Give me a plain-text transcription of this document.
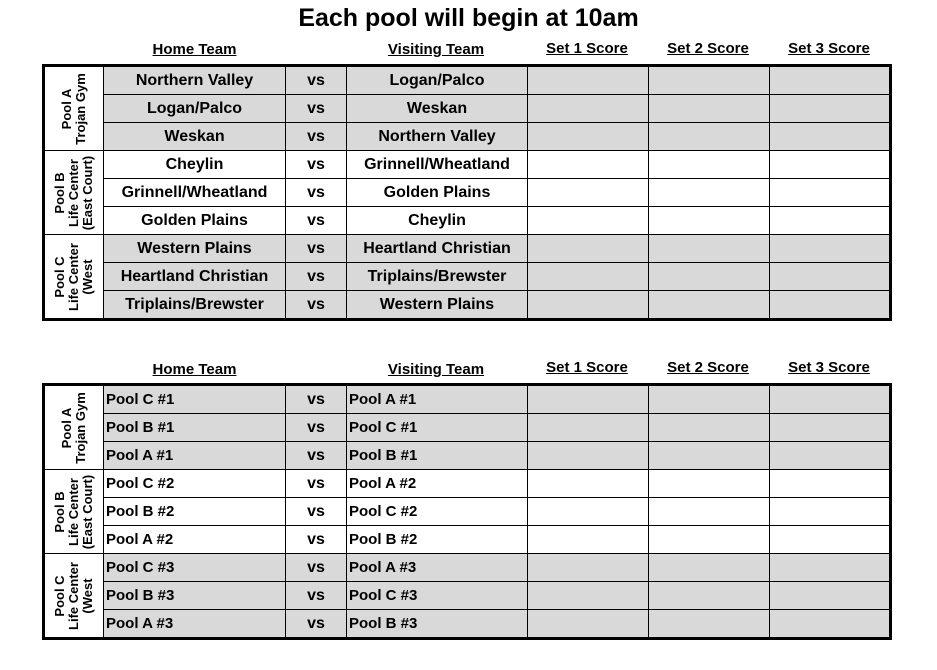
Each pool will begin at 10am
Home Team	Visiting Team	Set 1 Score	Set 2 Score	Set 3 Score
Pool A Trojan Gym	Northern Valley	vs	Logan/Palco			
	Logan/Palco	vs	Weskan			
	Weskan	vs	Northern Valley			

Pool B Life Center (East Court)	Cheylin	vs	Grinnell/Wheatland			
	Grinnell/Wheatland	vs	Golden Plains			
	Golden Plains	vs	Cheylin			

Pool C Life Center (West	Western Plains	vs	Heartland Christian			
	Heartland Christian	vs	Triplains/Brewster			
	Triplains/Brewster	vs	Western Plains			
Home Team	Visiting Team	Set 1 Score	Set 2 Score	Set 3 Score
Pool A Trojan Gym	Pool C #1	vs	Pool A #1			
	Pool B #1	vs	Pool C #1			
	Pool A #1	vs	Pool B #1			

Pool B Life Center (East Court)	Pool C #2	vs	Pool A #2			
	Pool B #2	vs	Pool C #2			
	Pool A #2	vs	Pool B #2			

Pool C Life Center (West	Pool C #3	vs	Pool A #3			
	Pool B #3	vs	Pool C #3			
	Pool A #3	vs	Pool B #3			
